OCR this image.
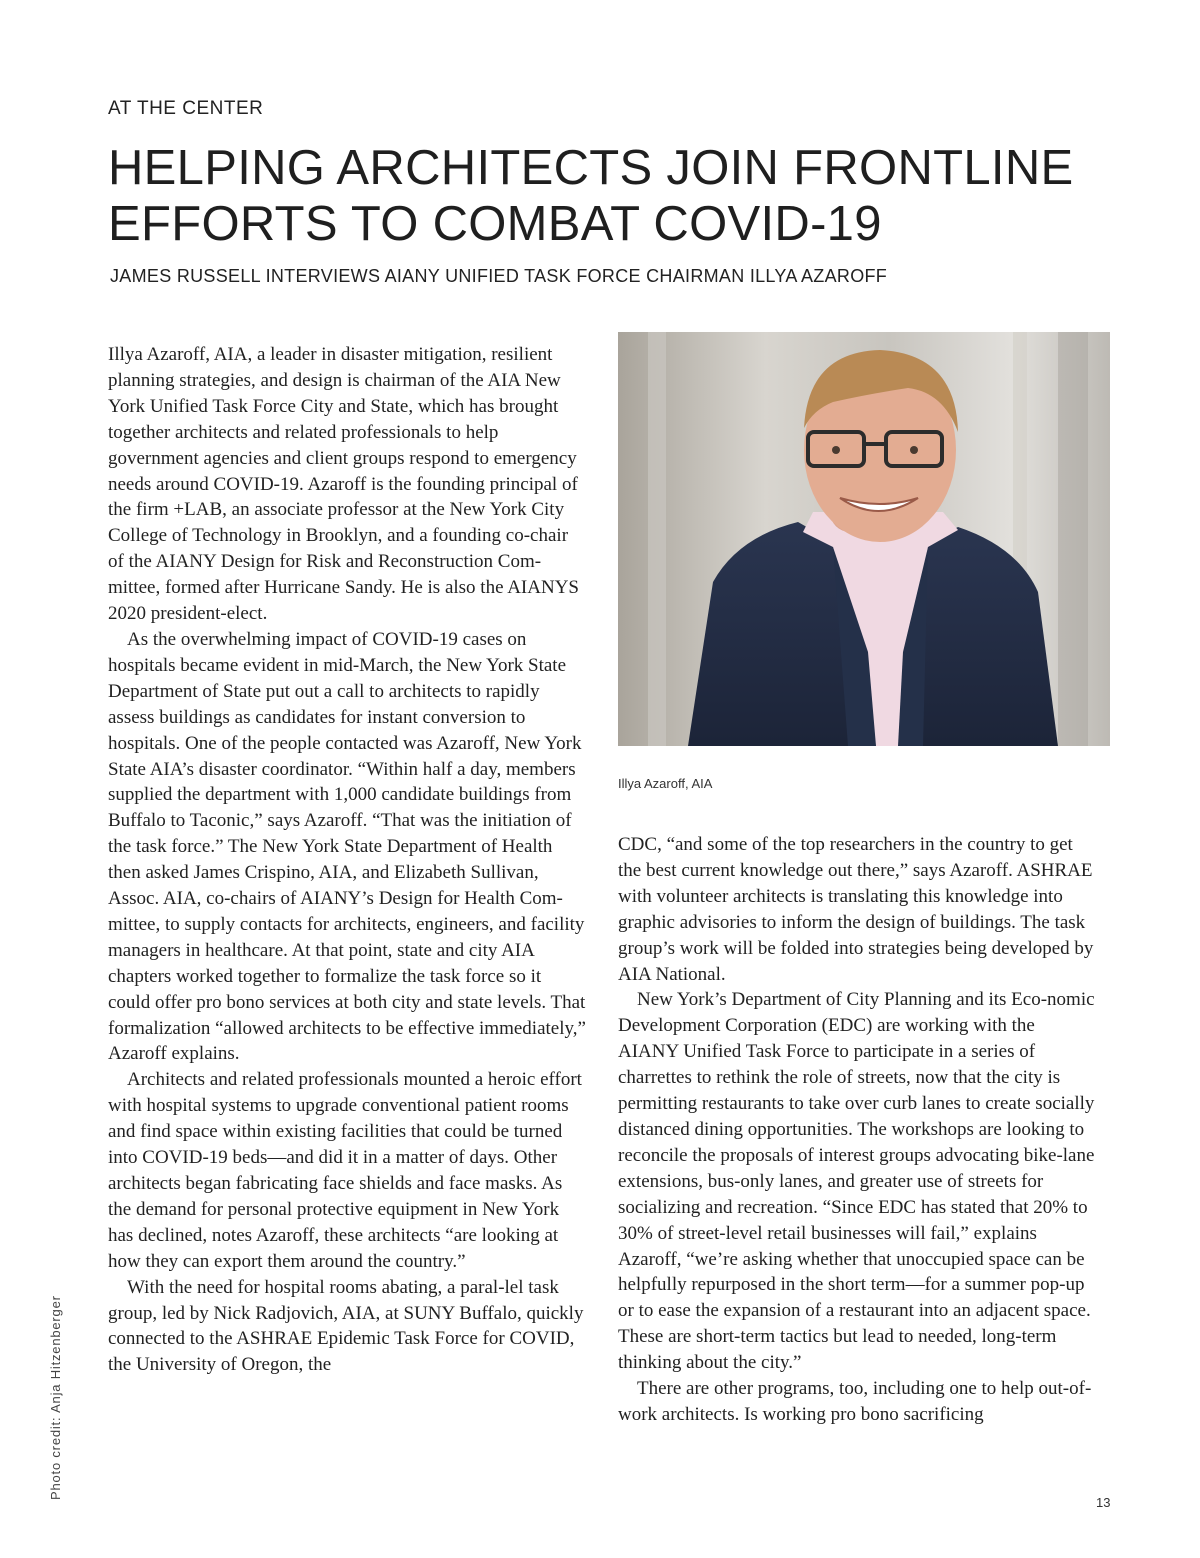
AT THE CENTER
HELPING ARCHITECTS JOIN FRONTLINE EFFORTS TO COMBAT COVID-19
JAMES RUSSELL INTERVIEWS AIANY UNIFIED TASK FORCE CHAIRMAN ILLYA AZAROFF

Illya Azaroff, AIA, a leader in disaster mitigation, resilient planning strategies, and design is chairman of the AIA New York Unified Task Force City and State, which has brought together architects and related professionals to help government agencies and client groups respond to emergency needs around COVID-19. Azaroff is the founding principal of the firm +LAB, an associate professor at the New York City College of Technology in Brooklyn, and a founding co-chair of the AIANY Design for Risk and Reconstruction Com-mittee, formed after Hurricane Sandy. He is also the AIANYS 2020 president-elect.

As the overwhelming impact of COVID-19 cases on hospitals became evident in mid-March, the New York State Department of State put out a call to architects to rapidly assess buildings as candidates for instant conversion to hospitals. One of the people contacted was Azaroff, New York State AIA’s disaster coordinator. “Within half a day, members supplied the department with 1,000 candidate buildings from Buffalo to Taconic,” says Azaroff. “That was the initiation of the task force.” The New York State Department of Health then asked James Crispino, AIA, and Elizabeth Sullivan, Assoc. AIA, co-chairs of AIANY’s Design for Health Com-mittee, to supply contacts for architects, engineers, and facility managers in healthcare. At that point, state and city AIA chapters worked together to formalize the task force so it could offer pro bono services at both city and state levels. That formalization “allowed architects to be effective immediately,” Azaroff explains.

Architects and related professionals mounted a heroic effort with hospital systems to upgrade conventional patient rooms and find space within existing facilities that could be turned into COVID-19 beds—and did it in a matter of days. Other architects began fabricating face shields and face masks. As the demand for personal protective equipment in New York has declined, notes Azaroff, these architects “are looking at how they can export them around the country.”

With the need for hospital rooms abating, a paral-lel task group, led by Nick Radjovich, AIA, at SUNY Buffalo, quickly connected to the ASHRAE Epidemic Task Force for COVID, the University of Oregon, the

Illya Azaroff, AIA
Photo credit: Anja Hitzenberger

CDC, “and some of the top researchers in the country to get the best current knowledge out there,” says Azaroff. ASHRAE with volunteer architects is translating this knowledge into graphic advisories to inform the design of buildings. The task group’s work will be folded into strategies being developed by AIA National.

New York’s Department of City Planning and its Eco-nomic Development Corporation (EDC) are working with the AIANY Unified Task Force to participate in a series of charrettes to rethink the role of streets, now that the city is permitting restaurants to take over curb lanes to create socially distanced dining opportunities. The workshops are looking to reconcile the proposals of interest groups advocating bike-lane extensions, bus-only lanes, and greater use of streets for socializing and recreation. “Since EDC has stated that 20% to 30% of street-level retail businesses will fail,” explains Azaroff, “we’re asking whether that unoccupied space can be helpfully repurposed in the short term—for a summer pop-up or to ease the expansion of a restaurant into an adjacent space. These are short-term tactics but lead to needed, long-term thinking about the city.”

There are other programs, too, including one to help out-of-work architects. Is working pro bono sacrificing

13
